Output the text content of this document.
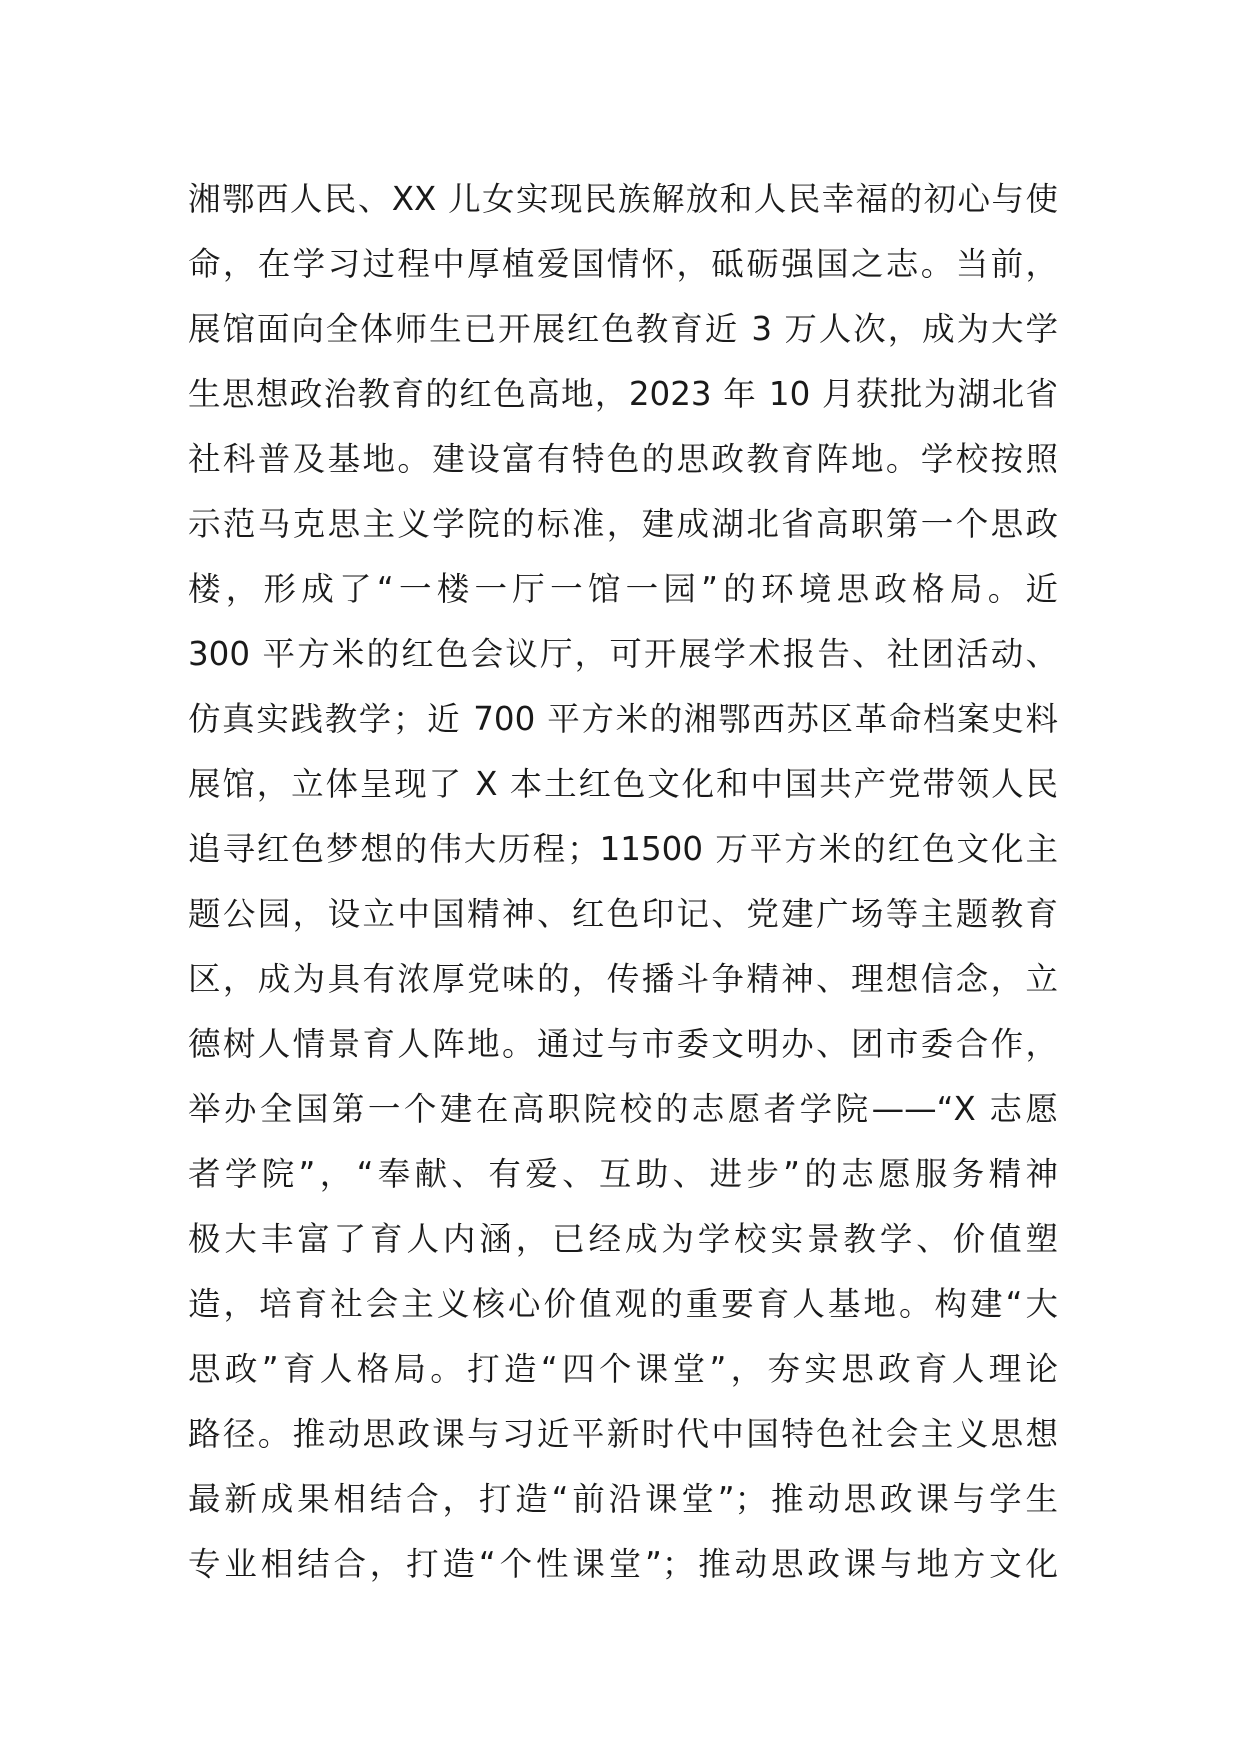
湘鄂西人民、XX 儿女实现民族解放和人民幸福的初心与使
命，在学习过程中厚植爱国情怀，砥砺强国之志。当前，
展馆面向全体师生已开展红色教育近 3 万人次，成为大学
生思想政治教育的红色高地，2023 年 10 月获批为湖北省
社科普及基地。建设富有特色的思政教育阵地。学校按照
示范马克思主义学院的标准，建成湖北省高职第一个思政
楼，形成了“一楼一厅一馆一园”的环境思政格局。近
300 平方米的红色会议厅，可开展学术报告、社团活动、
仿真实践教学；近 700 平方米的湘鄂西苏区革命档案史料
展馆，立体呈现了 X 本土红色文化和中国共产党带领人民
追寻红色梦想的伟大历程；11500 万平方米的红色文化主
题公园，设立中国精神、红色印记、党建广场等主题教育
区，成为具有浓厚党味的，传播斗争精神、理想信念，立
德树人情景育人阵地。通过与市委文明办、团市委合作，
举办全国第一个建在高职院校的志愿者学院——“X 志愿
者学院”，“奉献、有爱、互助、进步”的志愿服务精神
极大丰富了育人内涵，已经成为学校实景教学、价值塑
造，培育社会主义核心价值观的重要育人基地。构建“大
思政”育人格局。打造“四个课堂”，夯实思政育人理论
路径。推动思政课与习近平新时代中国特色社会主义思想
最新成果相结合，打造“前沿课堂”；推动思政课与学生
专业相结合，打造“个性课堂”；推动思政课与地方文化
